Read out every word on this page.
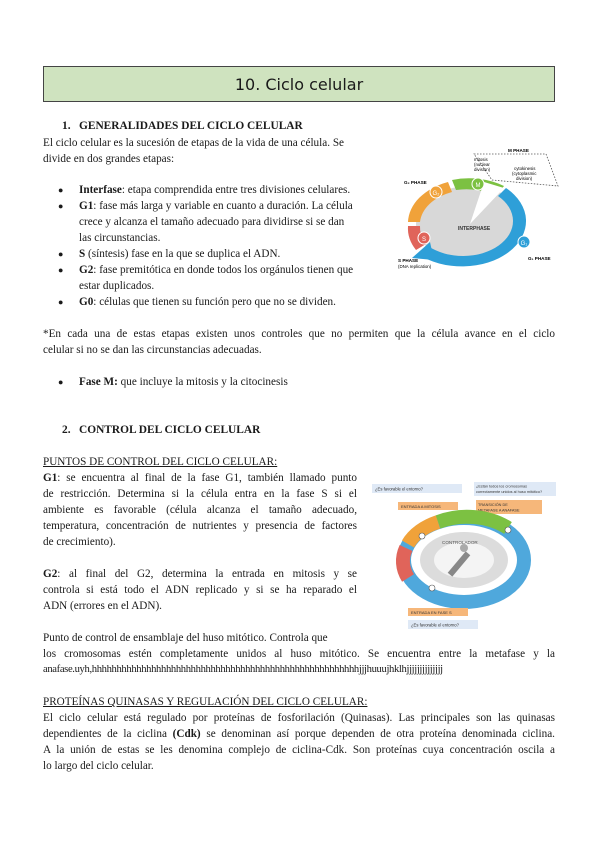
10. Ciclo celular
1. GENERALIDADES DEL CICLO CELULAR
El ciclo celular es la sucesión de etapas de la vida de una célula. Se
divide en dos grandes etapas:
● Interfase: etapa comprendida entre tres divisiones celulares.
● G1: fase más larga y variable en cuanto a duración. La célula
crece y alcanza el tamaño adecuado para dividirse si se dan
las circunstancias.
● S (síntesis) fase en la que se duplica el ADN.
● G2: fase premitótica en donde todos los orgánulos tienen que
estar duplicados.
● G0: células que tienen su función pero que no se dividen.
*En cada una de estas etapas existen unos controles que no permiten que la célula avance en el ciclo
celular si no se dan las circunstancias adecuadas.
● Fase M: que incluye la mitosis y la citocinesis
G₂
M
G₁
S
M PHASE
mitosis
(nuclear
division)	cytokinesis
(cytoplasmic
division)
G₂ PHASE
G₁ PHASE
S PHASE
(DNA replication)
INTERPHASE
2. CONTROL DEL CICLO CELULAR
PUNTOS DE CONTROL DEL CICLO CELULAR:
G1: se encuentra al final de la fase G1, también llamado punto
de restricción. Determina si la célula entra en la fase S si el
ambiente es favorable (célula alcanza el tamaño adecuado,
temperatura, concentración de nutrientes y presencia de factores
de crecimiento).
G2: al final del G2, determina la entrada en mitosis y se
controla si está todo el ADN replicado y si se ha reparado el
ADN (errores en el ADN).
Punto de control de ensamblaje del huso mitótico. Controla que
los cromosomas estén completamente unidos al huso mitótico. Se encuentra entre la metafase y la
anafase.uyh,hhhhhhhhhhhhhhhhhhhhhhhhhhhhhhhhhhhhhhhhhhhhhhhhhhhhhhjjjhuuujhklhjjjjjjjjjjjjjj
PROTEÍNAS QUINASAS Y REGULACIÓN DEL CICLO CELULAR:
El ciclo celular está regulado por proteínas de fosforilación (Quinasas). Las principales son las quinasas
dependientes de la ciclina (Cdk) se denominan así porque dependen de otra proteína denominada ciclina.
A la unión de estas se les denomina complejo de ciclina-Cdk. Son proteínas cuya concentración oscila a
lo largo del ciclo celular.
¿Es favorable el entorno?	¿Están todos los cromosomas
correctamente unidos al huso mitótico?
ENTRADA A MITOSIS	TRANSICIÓN DE
METAFASE A ANAFASE
CONTROLADOR
ENTRADA EN FASE S
¿Es favorable el entorno?
